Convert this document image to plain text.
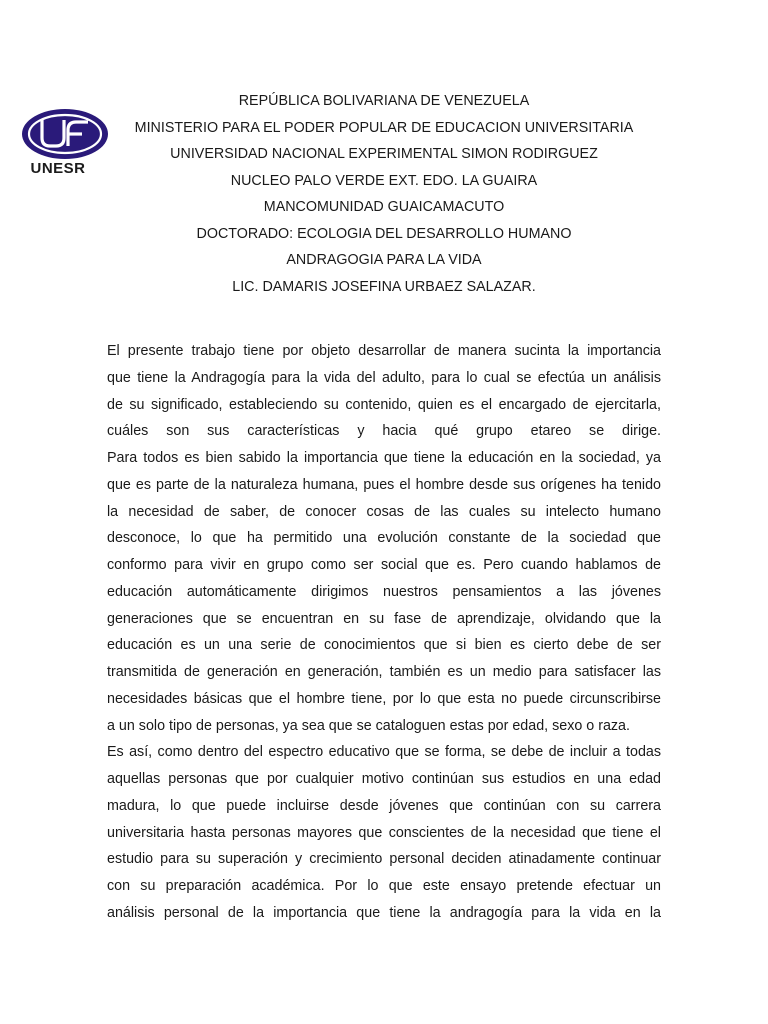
UNESR
REPÚBLICA BOLIVARIANA DE VENEZUELA
MINISTERIO PARA EL PODER POPULAR DE EDUCACION UNIVERSITARIA
UNIVERSIDAD NACIONAL EXPERIMENTAL SIMON RODIRGUEZ
NUCLEO PALO VERDE EXT. EDO. LA GUAIRA
MANCOMUNIDAD GUAICAMACUTO
DOCTORADO: ECOLOGIA DEL DESARROLLO HUMANO
ANDRAGOGIA PARA LA VIDA
LIC. DAMARIS JOSEFINA URBAEZ SALAZAR.
El presente trabajo tiene por objeto desarrollar de manera sucinta la importancia
que tiene la Andragogía para la vida del adulto, para lo cual se efectúa un análisis
de su significado, estableciendo su contenido, quien es el encargado de ejercitarla,
cuáles son sus características y hacia qué grupo etareo se dirige.
Para todos es bien sabido la importancia que tiene la educación en la sociedad, ya
que es parte de la naturaleza humana, pues el hombre desde sus orígenes ha tenido
la necesidad de saber, de conocer cosas de las cuales su intelecto humano
desconoce, lo que ha permitido una evolución constante de la sociedad que
conformo para vivir en grupo como ser social que es. Pero cuando hablamos de
educación automáticamente dirigimos nuestros pensamientos a las jóvenes
generaciones que se encuentran en su fase de aprendizaje, olvidando que la
educación es un una serie de conocimientos que si bien es cierto debe de ser
transmitida de generación en generación, también es un medio para satisfacer las
necesidades básicas que el hombre tiene, por lo que esta no puede circunscribirse
a un solo tipo de personas, ya sea que se cataloguen estas por edad, sexo o raza.
Es así, como dentro del espectro educativo que se forma, se debe de incluir a todas
aquellas personas que por cualquier motivo continúan sus estudios en una edad
madura, lo que puede incluirse desde jóvenes que continúan con su carrera
universitaria hasta personas mayores que conscientes de la necesidad que tiene el
estudio para su superación y crecimiento personal deciden atinadamente continuar
con su preparación académica. Por lo que este ensayo pretende efectuar un
análisis personal de la importancia que tiene la andragogía para la vida en la
